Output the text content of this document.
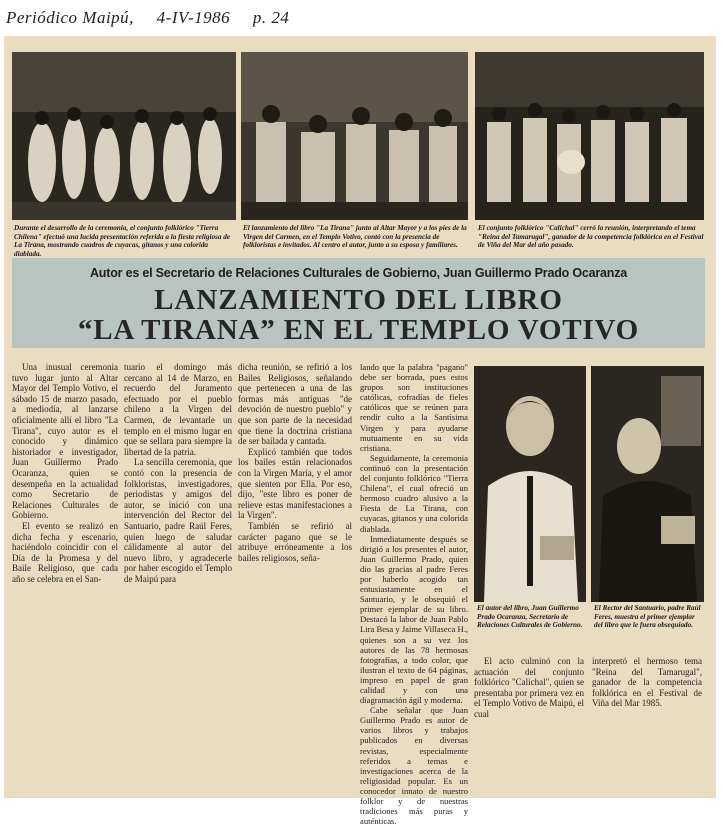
Periódico Maipú, 4-IV-1986 p. 24
Durante el desarrollo de la ceremonia, el conjunto folklórico "Tierra Chilena" efectuó una lucida presentación referida a la fiesta religiosa de La Tirana, mostrando cuadros de cuyacas, gitanos y una colorida diablada.
El lanzamiento del libro "La Tirana" junto al Altar Mayor y a los pies de la Virgen del Carmen, en el Templo Votivo, contó con la presencia de folkloristas e invitados. Al centro el autor, junto a su esposa y familiares.
El conjunto folklórico "Calichal" cerró la reunión, interpretando el tema "Reina del Tamarugal", ganador de la competencia folklórica en el Festival de Viña del Mar del año pasado.
Autor es el Secretario de Relaciones Culturales de Gobierno, Juan Guillermo Prado Ocaranza
LANZAMIENTO DEL LIBRO
“LA TIRANA” EN EL TEMPLO VOTIVO

Una inusual ceremonia tuvo lugar junto al Altar Mayor del Templo Votivo, el sábado 15 de marzo pasado, a mediodía, al lanzarse oficialmente allí el libro "La Tirana", cuyo autor es el conocido y dinámico historiador e investigador, Juan Guillermo Prado Ocaranza, quien se desempeña en la actualidad como Secretario de Relaciones Culturales de Gobierno.

El evento se realizó en dicha fecha y escenario, haciéndolo coincidir con el Día de la Promesa y del Baile Religioso, que cada año se celebra en el San-

tuario el domingo más cercano al 14 de Marzo, en recuerdo del Juramento efectuado por el pueblo chileno a la Virgen del Carmen, de levantarle un templo en el mismo lugar en que se sellara para siempre la libertad de la patria.

La sencilla ceremonia, que contó con la presencia de folkloristas, investigadores, periodistas y amigos del autor, se inició con una intervención del Rector del Santuario, padre Raúl Feres, quien luego de saludar cálidamente al autor del nuevo libro, y agradecerle por haber escogido el Templo de Maipú para

dicha reunión, se refirió a los Bailes Religiosos, señalando que pertenecen a una de las formas más antiguas "de devoción de nuestro pueblo" y que son parte de la necesidad que tiene la doctrina cristiana de ser bailada y cantada.

Explicó también que todos los bailes están relacionados con la Virgen María, y el amor que sienten por Ella. Por eso, dijo, "este libro es poner de relieve estas manifestaciones a la Virgen".

También se refirió al carácter pagano que se le atribuye erróneamente a los bailes religiosos, seña-

lando que la palabra "pagano" debe ser borrada, pues estos grupos son instituciones católicas, cofradías de fieles católicos que se reúnen para rendir culto a la Santísima Virgen y para ayudarse mutuamente en su vida cristiana.

Seguidamente, la ceremonia continuó con la presentación del conjunto folklórico "Tierra Chilena", el cual ofreció un hermoso cuadro alusivo a la Fiesta de La Tirana, con cuyacas, gitanos y una colorida diablada.

Inmediatamente después se dirigió a los presentes el autor, Juan Guillermo Prado, quien dio las gracias al padre Feres por haberlo acogido tan entusiastamente en el Santuario, y le obsequió el primer ejemplar de su libro. Destacó la labor de Juan Pablo Lira Besa y Jaime Villaseca H., quienes son a su vez los autores de las 78 hermosas fotografías, a todo color, que ilustran el texto de 64 páginas, impreso en papel de gran calidad y con una diagramación ágil y moderna.

Cabe señalar que Juan Guillermo Prado es autor de varios libros y trabajos publicados en diversas revistas, especialmente referidos a temas e investigaciones acerca de la religiosidad popular. Es un conocedor innato de nuestro folklor y de nuestras tradiciones más puras y auténticas.

El autor del libro, Juan Guillermo Prado Ocaranza, Secretario de Relaciones Culturales de Gobierno.
El Rector del Santuario, padre Raúl Feres, muestra el primer ejemplar del libro que le fuera obsequiado.

El acto culminó con la actuación del conjunto folklórico "Calichal", quien se presentaba por primera vez en el Templo Votivo de Maipú, el cual

interpretó el hermoso tema "Reina del Tamarugal", ganador de la competencia folklórica en el Festival de Viña del Mar 1985.
